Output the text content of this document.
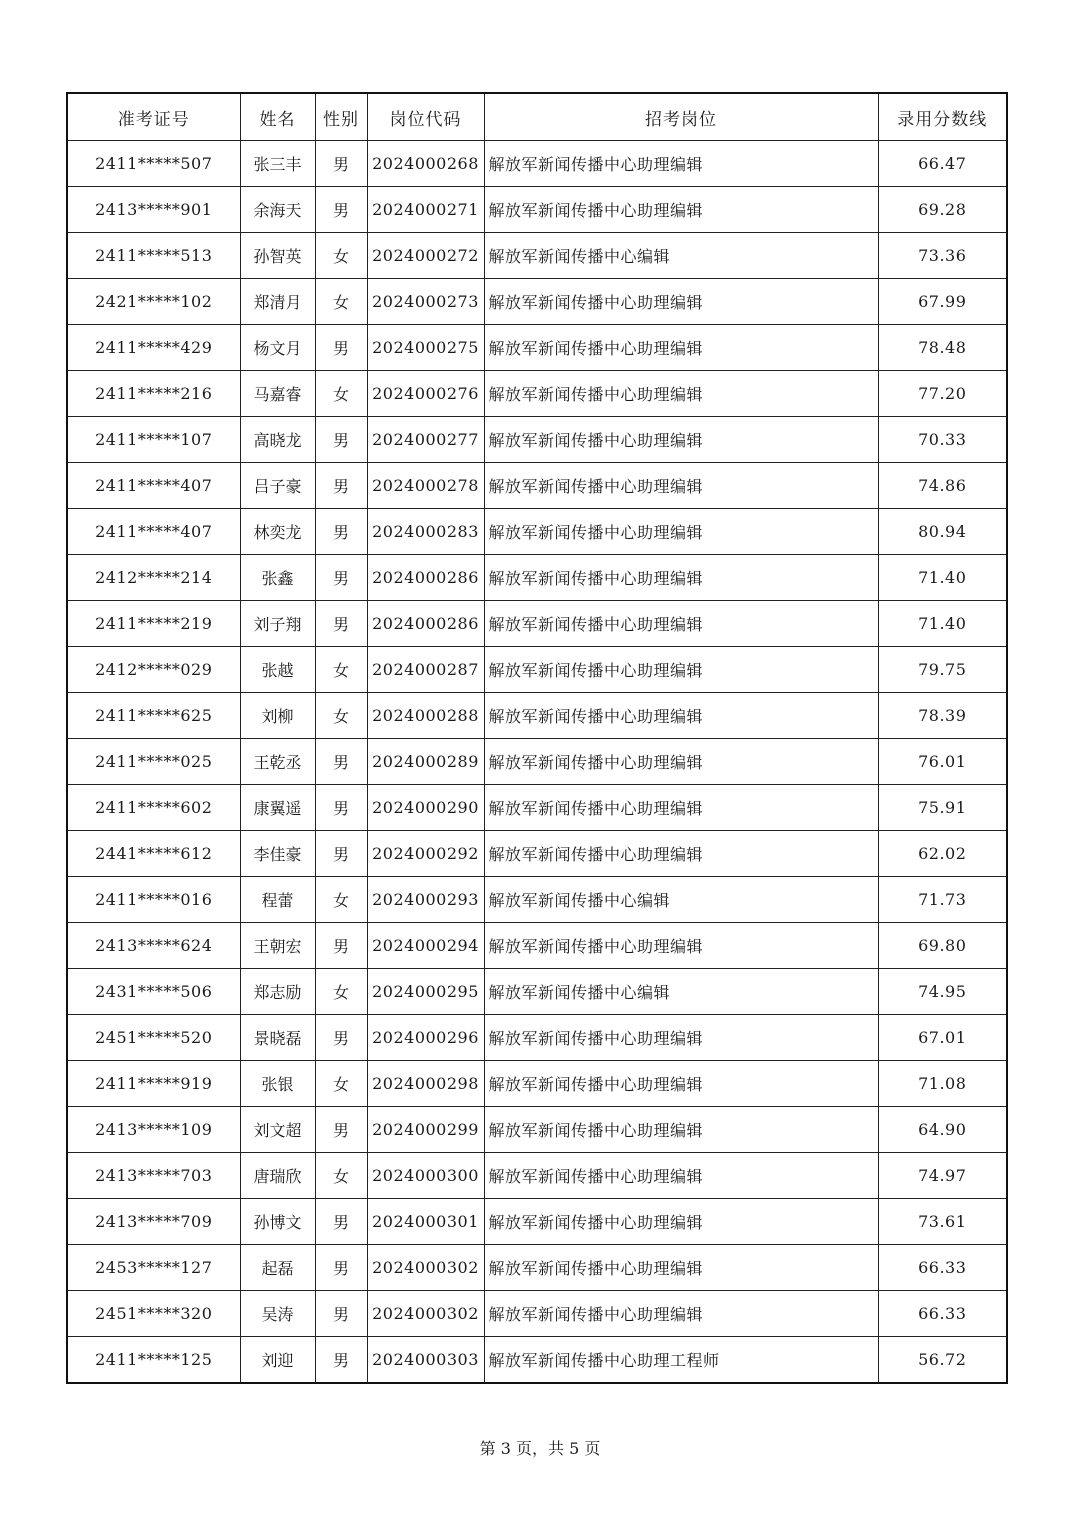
准考证号	姓名	性别	岗位代码	招考岗位	录用分数线
2411*****507	张三丰	男	2024000268	解放军新闻传播中心助理编辑	66.47
2413*****901	余海天	男	2024000271	解放军新闻传播中心助理编辑	69.28
2411*****513	孙智英	女	2024000272	解放军新闻传播中心编辑	73.36
2421*****102	郑清月	女	2024000273	解放军新闻传播中心助理编辑	67.99
2411*****429	杨文月	男	2024000275	解放军新闻传播中心助理编辑	78.48
2411*****216	马嘉睿	女	2024000276	解放军新闻传播中心助理编辑	77.20
2411*****107	高晓龙	男	2024000277	解放军新闻传播中心助理编辑	70.33
2411*****407	吕子豪	男	2024000278	解放军新闻传播中心助理编辑	74.86
2411*****407	林奕龙	男	2024000283	解放军新闻传播中心助理编辑	80.94
2412*****214	张鑫	男	2024000286	解放军新闻传播中心助理编辑	71.40
2411*****219	刘子翔	男	2024000286	解放军新闻传播中心助理编辑	71.40
2412*****029	张越	女	2024000287	解放军新闻传播中心助理编辑	79.75
2411*****625	刘柳	女	2024000288	解放军新闻传播中心助理编辑	78.39
2411*****025	王乾丞	男	2024000289	解放军新闻传播中心助理编辑	76.01
2411*****602	康翼遥	男	2024000290	解放军新闻传播中心助理编辑	75.91
2441*****612	李佳豪	男	2024000292	解放军新闻传播中心助理编辑	62.02
2411*****016	程蕾	女	2024000293	解放军新闻传播中心编辑	71.73
2413*****624	王朝宏	男	2024000294	解放军新闻传播中心助理编辑	69.80
2431*****506	郑志励	女	2024000295	解放军新闻传播中心编辑	74.95
2451*****520	景晓磊	男	2024000296	解放军新闻传播中心助理编辑	67.01
2411*****919	张银	女	2024000298	解放军新闻传播中心助理编辑	71.08
2413*****109	刘文超	男	2024000299	解放军新闻传播中心助理编辑	64.90
2413*****703	唐瑞欣	女	2024000300	解放军新闻传播中心助理编辑	74.97
2413*****709	孙博文	男	2024000301	解放军新闻传播中心助理编辑	73.61
2453*****127	起磊	男	2024000302	解放军新闻传播中心助理编辑	66.33
2451*****320	吴涛	男	2024000302	解放军新闻传播中心助理编辑	66.33
2411*****125	刘迎	男	2024000303	解放军新闻传播中心助理工程师	56.72
第 3 页，共 5 页
